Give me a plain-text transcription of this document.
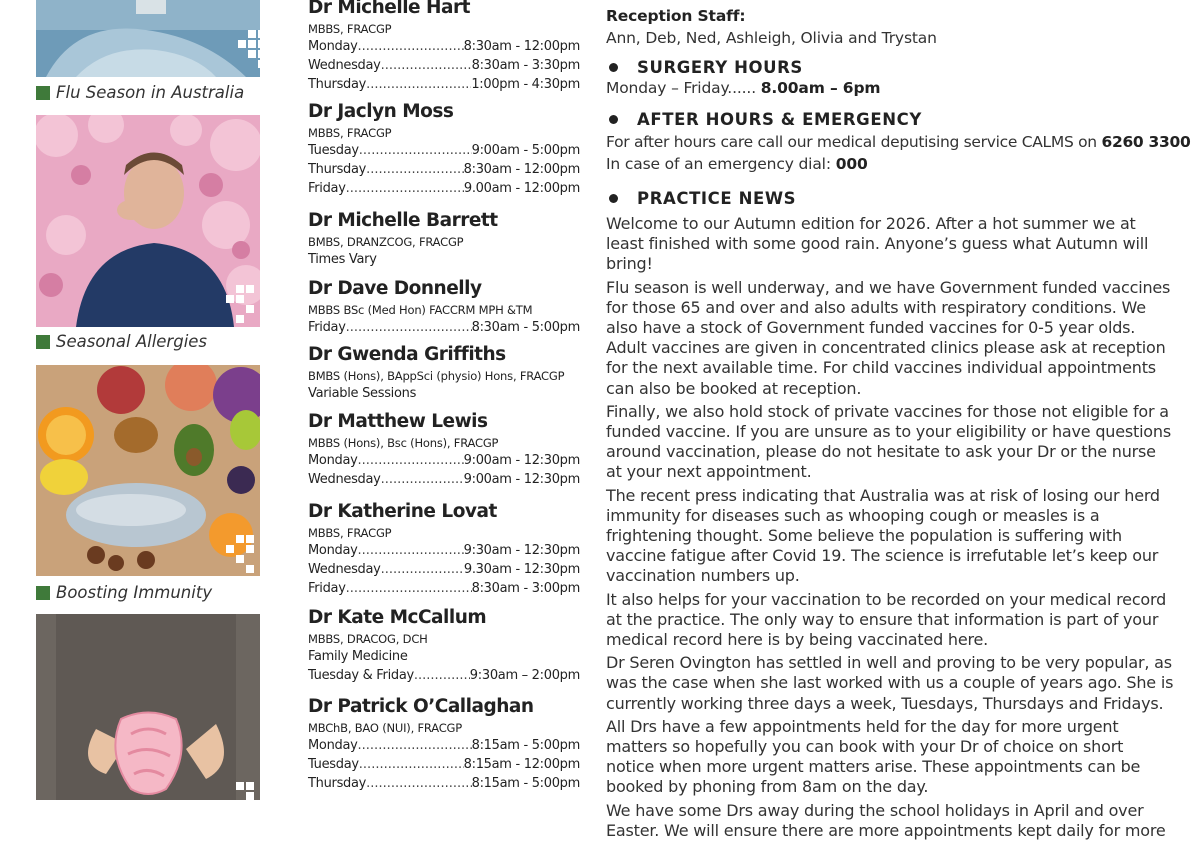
Flu Season in Australia
Seasonal Allergies
Boosting Immunity
Dr Michelle Hart
MBBS, FRACGP
Monday .....	8:30am - 12:00pm
Wednesday .....	8:30am - 3:30pm
Thursday .....	1:00pm - 4:30pm
Dr Jaclyn Moss
MBBS, FRACGP
Tuesday .....	9:00am - 5:00pm
Thursday .....	8:30am - 12:00pm
Friday .....	9.00am - 12:00pm
Dr Michelle Barrett
BMBS, DRANZCOG, FRACGP
Times Vary
Dr Dave Donnelly
MBBS BSc (Med Hon) FACCRM MPH &TM
Friday .....	8:30am - 5:00pm
Dr Gwenda Griffiths
BMBS (Hons), BAppSci (physio) Hons, FRACGP
Variable Sessions
Dr Matthew Lewis
MBBS (Hons), Bsc (Hons), FRACGP
Monday .....	9:00am - 12:30pm
Wednesday .....	9:00am - 12:30pm
Dr Katherine Lovat
MBBS, FRACGP
Monday .....	9:30am - 12:30pm
Wednesday .....	9.30am - 12:30pm
Friday .....	8:30am - 3:00pm
Dr Kate McCallum
MBBS, DRACOG, DCH
Family Medicine
Tuesday & Friday .....	9:30am – 2:00pm
Dr Patrick O’Callaghan
MBChB, BAO (NUI), FRACGP
Monday .....	8:15am - 5:00pm
Tuesday .....	8:15am - 12:00pm
Thursday .....	8:15am - 5:00pm
Reception Staff:
Ann, Deb, Ned, Ashleigh, Olivia and Trystan
SURGERY HOURS
Monday – Friday...... 8.00am – 6pm
AFTER HOURS & EMERGENCY
For after hours care call our medical deputising service CALMS on 6260 3300
In case of an emergency dial: 000
PRACTICE NEWS

Welcome to our Autumn edition for 2026. After a hot summer we at least finished with some good rain. Anyone’s guess what Autumn will bring!

Flu season is well underway, and we have Government funded vaccines for those 65 and over and also adults with respiratory conditions. We also have a stock of Government funded vaccines for 0-5 year olds. Adult vaccines are given in concentrated clinics please ask at reception for the next available time. For child vaccines individual appointments can also be booked at reception.

Finally, we also hold stock of private vaccines for those not eligible for a funded vaccine. If you are unsure as to your eligibility or have questions around vaccination, please do not hesitate to ask your Dr or the nurse at your next appointment.

The recent press indicating that Australia was at risk of losing our herd immunity for diseases such as whooping cough or measles is a frightening thought. Some believe the population is suffering with vaccine fatigue after Covid 19. The science is irrefutable let’s keep our vaccination numbers up.

It also helps for your vaccination to be recorded on your medical record at the practice. The only way to ensure that information is part of your medical record here is by being vaccinated here.

Dr Seren Ovington has settled in well and proving to be very popular, as was the case when she last worked with us a couple of years ago. She is currently working three days a week, Tuesdays, Thursdays and Fridays.

All Drs have a few appointments held for the day for more urgent matters so hopefully you can book with your Dr of choice on short notice when more urgent matters arise. These appointments can be booked by phoning from 8am on the day.

We have some Drs away during the school holidays in April and over Easter. We will ensure there are more appointments kept daily for more
